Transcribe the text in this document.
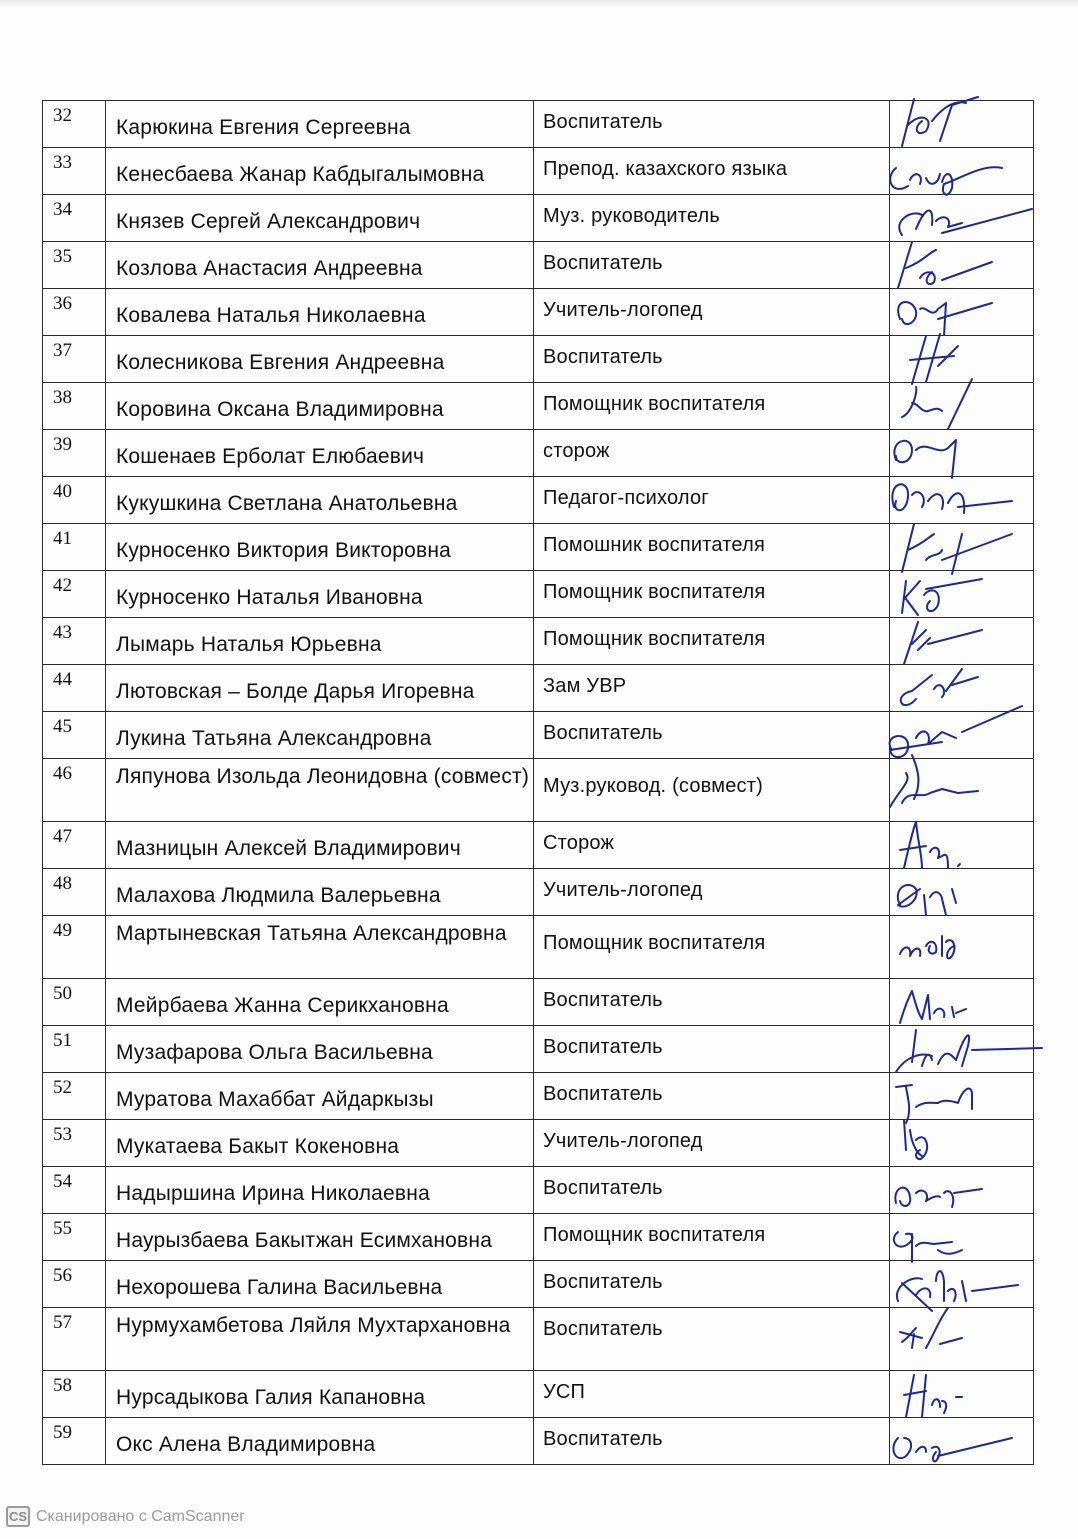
32	Карюкина Евгения Сергеевна	Воспитатель	

33	Кенесбаева Жанар Кабдыгалымовна	Препод. казахского языка	

34	Князев Сергей Александрович	Муз. руководитель	

35	Козлова Анастасия Андреевна	Воспитатель	

36	Ковалева Наталья Николаевна	Учитель-логопед	

37	Колесникова Евгения Андреевна	Воспитатель	

38	Коровина Оксана Владимировна	Помощник воспитателя	

39	Кошенаев Ерболат Елюбаевич	сторож	

40	Кукушкина Светлана Анатольевна	Педагог-психолог	

41	Курносенко Виктория Викторовна	Помошник воспитателя	

42	Курносенко Наталья Ивановна	Помощник воспитателя	

43	Лымарь Наталья Юрьевна	Помощник воспитателя	

44	Лютовская – Болде Дарья Игоревна	Зам УВР	

45	Лукина Татьяна Александровна	Воспитатель	

46	Ляпунова Изольда Леонидовна (совмест)	Муз.руковод. (совмест)	

47	Мазницын Алексей Владимирович	Сторож	

48	Малахова Людмила Валерьевна	Учитель-логопед	

49	Мартыневская Татьяна Александровна	Помощник воспитателя	

50	Мейрбаева Жанна Серикхановна	Воспитатель	

51	Музафарова Ольга Васильевна	Воспитатель	

52	Муратова Махаббат Айдаркызы	Воспитатель	

53	Мукатаева Бакыт Кокеновна	Учитель-логопед	

54	Надыршина Ирина Николаевна	Воспитатель	

55	Наурызбаева Бакытжан Есимхановна	Помощник воспитателя	

56	Нехорошева Галина Васильевна	Воспитатель	

57	Нурмухамбетова Ляйля Мухтархановна	Воспитатель	

58	Нурсадыкова Галия Капановна	УСП	

59	Окс Алена Владимировна	Воспитатель	
CS Сканировано с CamScanner
